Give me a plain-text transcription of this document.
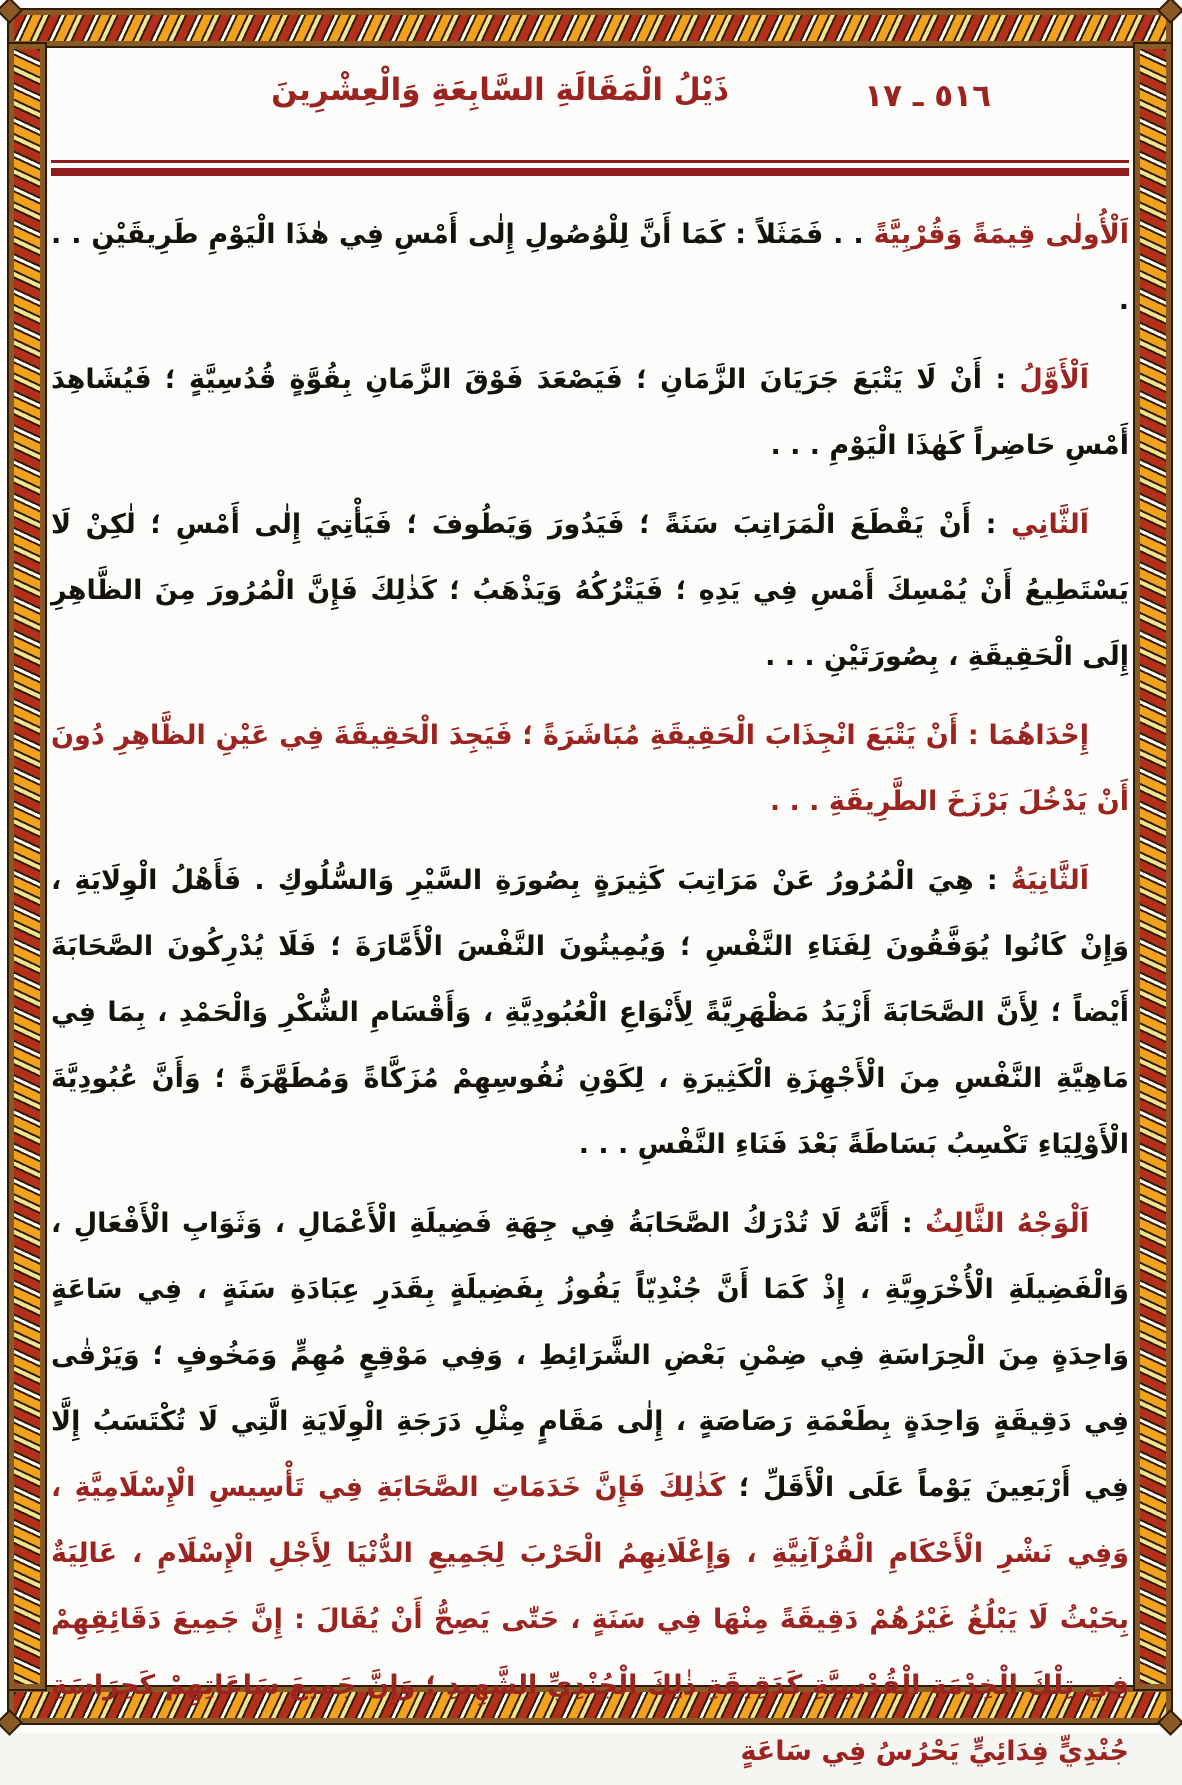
٥١٦ ـ ١٧
ذَيْلُ الْمَقَالَةِ السَّابِعَةِ وَالْعِشْرِينَ

اَلْأُولٰى قِيمَةً وَقُرْبِيَّةً . . فَمَثَلاً : كَمَا أَنَّ لِلْوُصُولِ إِلٰى أَمْسِ فِي هٰذَا الْيَوْمِ طَرِيقَيْنِ . . .

اَلْأَوَّلُ : أَنْ لَا يَتْبَعَ جَرَيَانَ الزَّمَانِ ؛ فَيَصْعَدَ فَوْقَ الزَّمَانِ بِقُوَّةٍ قُدُسِيَّةٍ ؛ فَيُشَاهِدَ أَمْسِ حَاضِراً كَهٰذَا الْيَوْمِ . . .

اَلثَّانِي : أَنْ يَقْطَعَ الْمَرَاتِبَ سَنَةً ؛ فَيَدُورَ وَيَطُوفَ ؛ فَيَأْتِيَ إِلٰى أَمْسِ ؛ لٰكِنْ لَا يَسْتَطِيعُ أَنْ يُمْسِكَ أَمْسِ فِي يَدِهِ ؛ فَيَتْرُكُهُ وَيَذْهَبُ ؛ كَذٰلِكَ فَإِنَّ الْمُرُورَ مِنَ الظَّاهِرِ إِلَى الْحَقِيقَةِ ، بِصُورَتَيْنِ . . .

إِحْدَاهُمَا : أَنْ يَتْبَعَ انْجِذَابَ الْحَقِيقَةِ مُبَاشَرَةً ؛ فَيَجِدَ الْحَقِيقَةَ فِي عَيْنِ الظَّاهِرِ دُونَ أَنْ يَدْخُلَ بَرْزَخَ الطَّرِيقَةِ . . .

اَلثَّانِيَةُ : هِيَ الْمُرُورُ عَنْ مَرَاتِبَ كَثِيرَةٍ بِصُورَةِ السَّيْرِ وَالسُّلُوكِ . فَأَهْلُ الْوِلَايَةِ ، وَإِنْ كَانُوا يُوَفَّقُونَ لِفَنَاءِ النَّفْسِ ؛ وَيُمِيتُونَ النَّفْسَ الْأَمَّارَةَ ؛ فَلَا يُدْرِكُونَ الصَّحَابَةَ أَيْضاً ؛ لِأَنَّ الصَّحَابَةَ أَزْيَدُ مَظْهَرِيَّةً لِأَنْوَاعِ الْعُبُودِيَّةِ ، وَأَقْسَامِ الشُّكْرِ وَالْحَمْدِ ، بِمَا فِي مَاهِيَّةِ النَّفْسِ مِنَ الْأَجْهِزَةِ الْكَثِيرَةِ ، لِكَوْنِ نُفُوسِهِمْ مُزَكَّاةً وَمُطَهَّرَةً ؛ وَأَنَّ عُبُودِيَّةَ الْأَوْلِيَاءِ تَكْسِبُ بَسَاطَةً بَعْدَ فَنَاءِ النَّفْسِ . . .

اَلْوَجْهُ الثَّالِثُ : أَنَّهُ لَا تُدْرَكُ الصَّحَابَةُ فِي جِهَةِ فَضِيلَةِ الْأَعْمَالِ ، وَثَوَابِ الْأَفْعَالِ ، وَالْفَضِيلَةِ الْأُخْرَوِيَّةِ ، إِذْ كَمَا أَنَّ جُنْدِيّاً يَفُوزُ بِفَضِيلَةٍ بِقَدَرِ عِبَادَةِ سَنَةٍ ، فِي سَاعَةٍ وَاحِدَةٍ مِنَ الْحِرَاسَةِ فِي ضِمْنِ بَعْضِ الشَّرَائِطِ ، وَفِي مَوْقِعٍ مُهِمٍّ وَمَخُوفٍ ؛ وَيَرْقٰى فِي دَقِيقَةٍ وَاحِدَةٍ بِطَعْمَةِ رَصَاصَةٍ ، إِلٰى مَقَامٍ مِثْلِ دَرَجَةِ الْوِلَايَةِ الَّتِي لَا تُكْتَسَبُ إِلَّا فِي أَرْبَعِينَ يَوْماً عَلَى الْأَقَلِّ ؛ كَذٰلِكَ فَإِنَّ خَدَمَاتِ الصَّحَابَةِ فِي تَأْسِيسِ الْإِسْلَامِيَّةِ ، وَفِي نَشْرِ الْأَحْكَامِ الْقُرْآنِيَّةِ ، وَإِعْلَانِهِمُ الْحَرْبَ لِجَمِيعِ الدُّنْيَا لِأَجْلِ الْإِسْلَامِ ، عَالِيَةٌ بِحَيْثُ لَا يَبْلُغُ غَيْرُهُمْ دَقِيقَةً مِنْهَا فِي سَنَةٍ ، حَتّٰى يَصِحُّ أَنْ يُقَالَ : إِنَّ جَمِيعَ دَقَائِقِهِمْ فِي تِلْكَ الْخِدْمَةِ الْقُدْسِيَّةِ كَدَقِيقَةِ ذٰلِكَ الْجُنْدِيِّ الشَّهِيدِ ؛ وَإِنَّ جَمِيعَ سَاعَاتِهِمْ كَحِرَاسَةِ جُنْدِيٍّ فِدَائِيٍّ يَحْرُسُ فِي سَاعَةٍ
